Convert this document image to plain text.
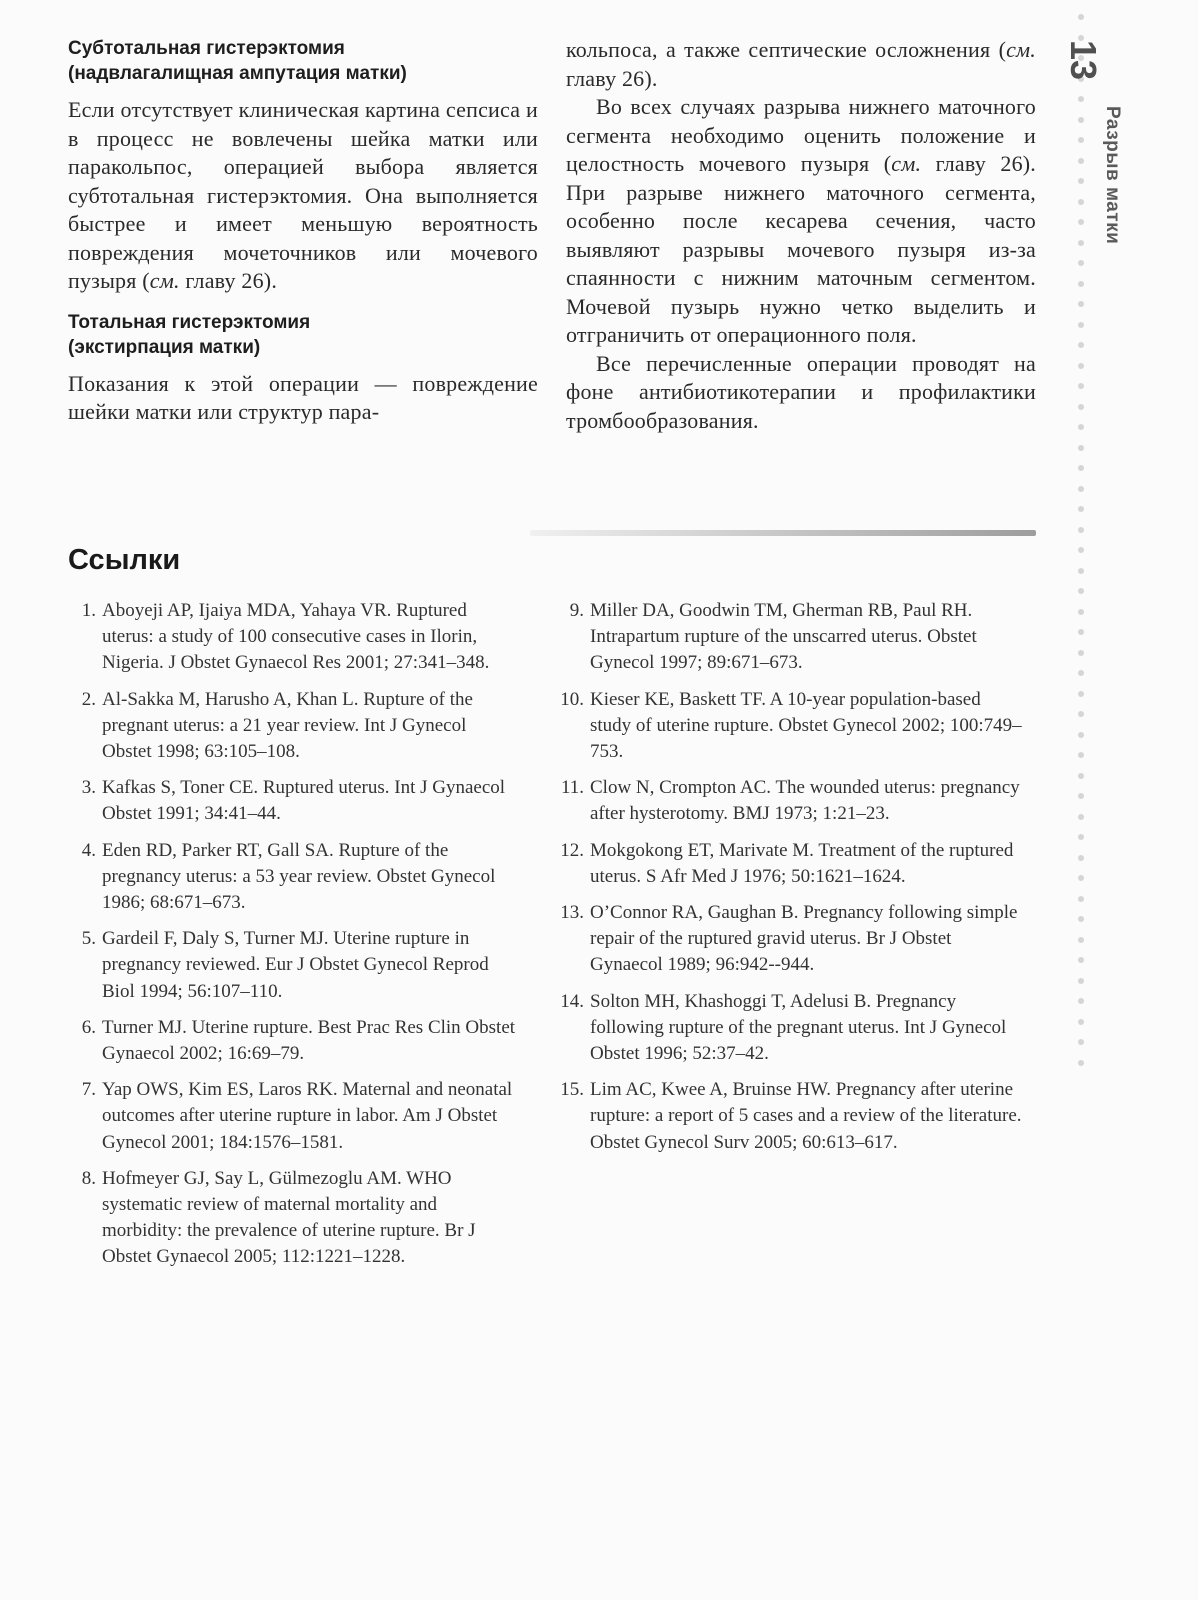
Субтотальная гистерэктомия
(надвлагалищная ампутация матки)

Если отсутствует клиническая картина сепсиса и в процесс не вовлечены шейка матки или паракольпос, операцией выбора является субтотальная гистерэктомия. Она выполняется быстрее и имеет меньшую вероятность повреждения мочеточников или мочевого пузыря (см. главу 26).

Тотальная гистерэктомия
(экстирпация матки)

Показания к этой операции — повреждение шейки матки или структур пара-

кольпоса, а также септические осложнения (см. главу 26).

Во всех случаях разрыва нижнего маточного сегмента необходимо оценить положение и целостность мочевого пузыря (см. главу 26). При разрыве нижнего маточного сегмента, особенно после кесарева сечения, часто выявляют разрывы мочевого пузыря из-за спаянности с нижним маточным сегментом. Мочевой пузырь нужно четко выделить и отграничить от операционного поля.

Все перечисленные операции проводят на фоне антибиотикотерапии и профилактики тромбообразования.

Ссылки
1. Aboyeji AP, Ijaiya MDA, Yahaya VR. Ruptured uterus: a study of 100 consecutive cases in Ilorin, Nigeria. J Obstet Gynaecol Res 2001; 27:341–348.
2. Al-Sakka M, Harusho A, Khan L. Rupture of the pregnant uterus: a 21 year review. Int J Gynecol Obstet 1998; 63:105–108.
3. Kafkas S, Toner CE. Ruptured uterus. Int J Gynaecol Obstet 1991; 34:41–44.
4. Eden RD, Parker RT, Gall SA. Rupture of the pregnancy uterus: a 53 year review. Obstet Gynecol 1986; 68:671–673.
5. Gardeil F, Daly S, Turner MJ. Uterine rupture in pregnancy reviewed. Eur J Obstet Gynecol Reprod Biol 1994; 56:107–110.
6. Turner MJ. Uterine rupture. Best Prac Res Clin Obstet Gynaecol 2002; 16:69–79.
7. Yap OWS, Kim ES, Laros RK. Maternal and neonatal outcomes after uterine rupture in labor. Am J Obstet Gynecol 2001; 184:1576–1581.
8. Hofmeyer GJ, Say L, Gülmezoglu AM. WHO systematic review of maternal mortality and morbidity: the prevalence of uterine rupture. Br J Obstet Gynaecol 2005; 112:1221–1228.
9. Miller DA, Goodwin TM, Gherman RB, Paul RH. Intrapartum rupture of the unscarred uterus. Obstet Gynecol 1997; 89:671–673.
10. Kieser KE, Baskett TF. A 10-year population-based study of uterine rupture. Obstet Gynecol 2002; 100:749–753.
11. Clow N, Crompton AC. The wounded uterus: pregnancy after hysterotomy. BMJ 1973; 1:21–23.
12. Mokgokong ET, Marivate M. Treatment of the ruptured uterus. S Afr Med J 1976; 50:1621–1624.
13. O’Connor RA, Gaughan B. Pregnancy following simple repair of the ruptured gravid uterus. Br J Obstet Gynaecol 1989; 96:942--944.
14. Solton MH, Khashoggi T, Adelusi B. Pregnancy following rupture of the pregnant uterus. Int J Gynecol Obstet 1996; 52:37–42.
15. Lim AC, Kwee A, Bruinse HW. Pregnancy after uterine rupture: a report of 5 cases and a review of the literature. Obstet Gynecol Surv 2005; 60:613–617.
13
Разрыв матки
